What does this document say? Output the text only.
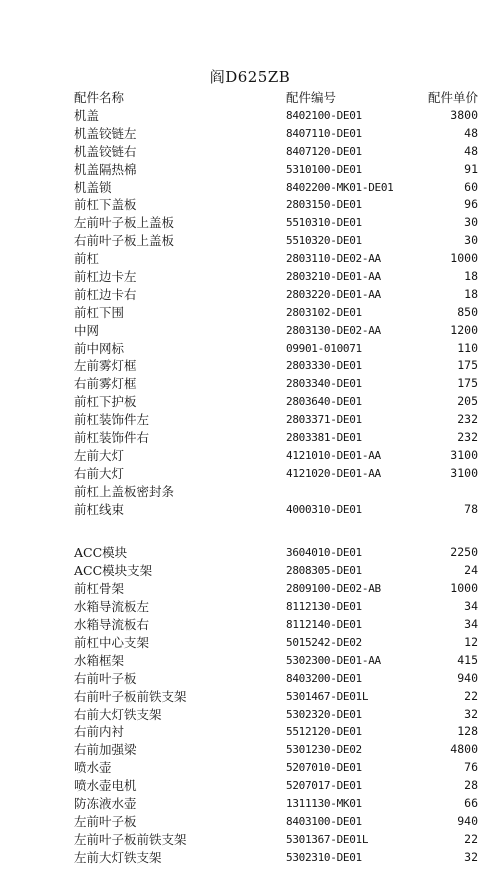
阎D625ZB
配件名称	配件编号	配件单价
机盖	8402100-DE01	3800
机盖铰链左	8407110-DE01	48
机盖铰链右	8407120-DE01	48
机盖隔热棉	5310100-DE01	91
机盖锁	8402200-MK01-DE01	60
前杠下盖板	2803150-DE01	96
左前叶子板上盖板	5510310-DE01	30
右前叶子板上盖板	5510320-DE01	30
前杠	2803110-DE02-AA	1000
前杠边卡左	2803210-DE01-AA	18
前杠边卡右	2803220-DE01-AA	18
前杠下围	2803102-DE01	850
中网	2803130-DE02-AA	1200
前中网标	09901-010071	110
左前雾灯框	2803330-DE01	175
右前雾灯框	2803340-DE01	175
前杠下护板	2803640-DE01	205
前杠装饰件左	2803371-DE01	232
前杠装饰件右	2803381-DE01	232
左前大灯	4121010-DE01-AA	3100
右前大灯	4121020-DE01-AA	3100
前杠上盖板密封条
前杠线束	4000310-DE01	78
ACC模块	3604010-DE01	2250
ACC模块支架	2808305-DE01	24
前杠骨架	2809100-DE02-AB	1000
水箱导流板左	8112130-DE01	34
水箱导流板右	8112140-DE01	34
前杠中心支架	5015242-DE02	12
水箱框架	5302300-DE01-AA	415
右前叶子板	8403200-DE01	940
右前叶子板前铁支架	5301467-DE01L	22
右前大灯铁支架	5302320-DE01	32
右前内衬	5512120-DE01	128
右前加强梁	5301230-DE02	4800
喷水壶	5207010-DE01	76
喷水壶电机	5207017-DE01	28
防冻液水壶	1311130-MK01	66
左前叶子板	8403100-DE01	940
左前叶子板前铁支架	5301367-DE01L	22
左前大灯铁支架	5302310-DE01	32
